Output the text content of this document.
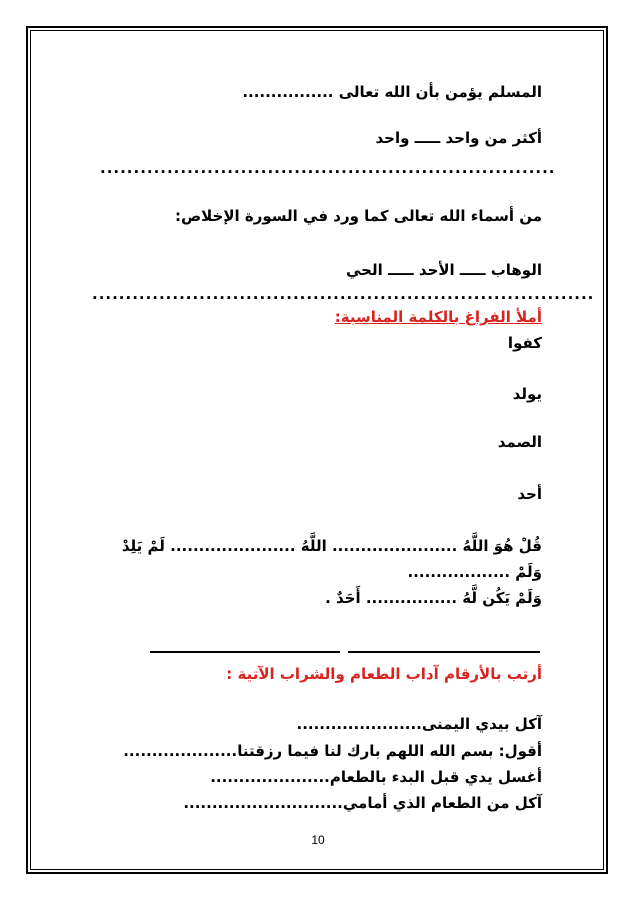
المسلم يؤمن بأن الله تعالى ................
أكثر من واحد ـــــ واحد
....................................................................
من أسماء الله تعالى كما ورد في السورة الإخلاص:
الوهاب ـــــ الأحد ـــــ الحي
...........................................................................
أملأ الفراغ بالكلمة المناسبة:
كفوا
يولد
الصمد
أحد
قُلْ هُوَ اللَّهُ ...................... اللَّهُ ...................... لَمْ يَلِدْ
وَلَمْ ..................
وَلَمْ يَكُن لَّهُ ................ أَحَدٌ .
أرتب بالأرقام آداب الطعام والشراب الآتية :
آكل بيدي اليمنى......................
أقول: بسم الله اللهم بارك لنا فيما رزقتنا....................
أغسل يدي قبل البدء بالطعام.....................
آكل من الطعام الذي أمامي............................
10
